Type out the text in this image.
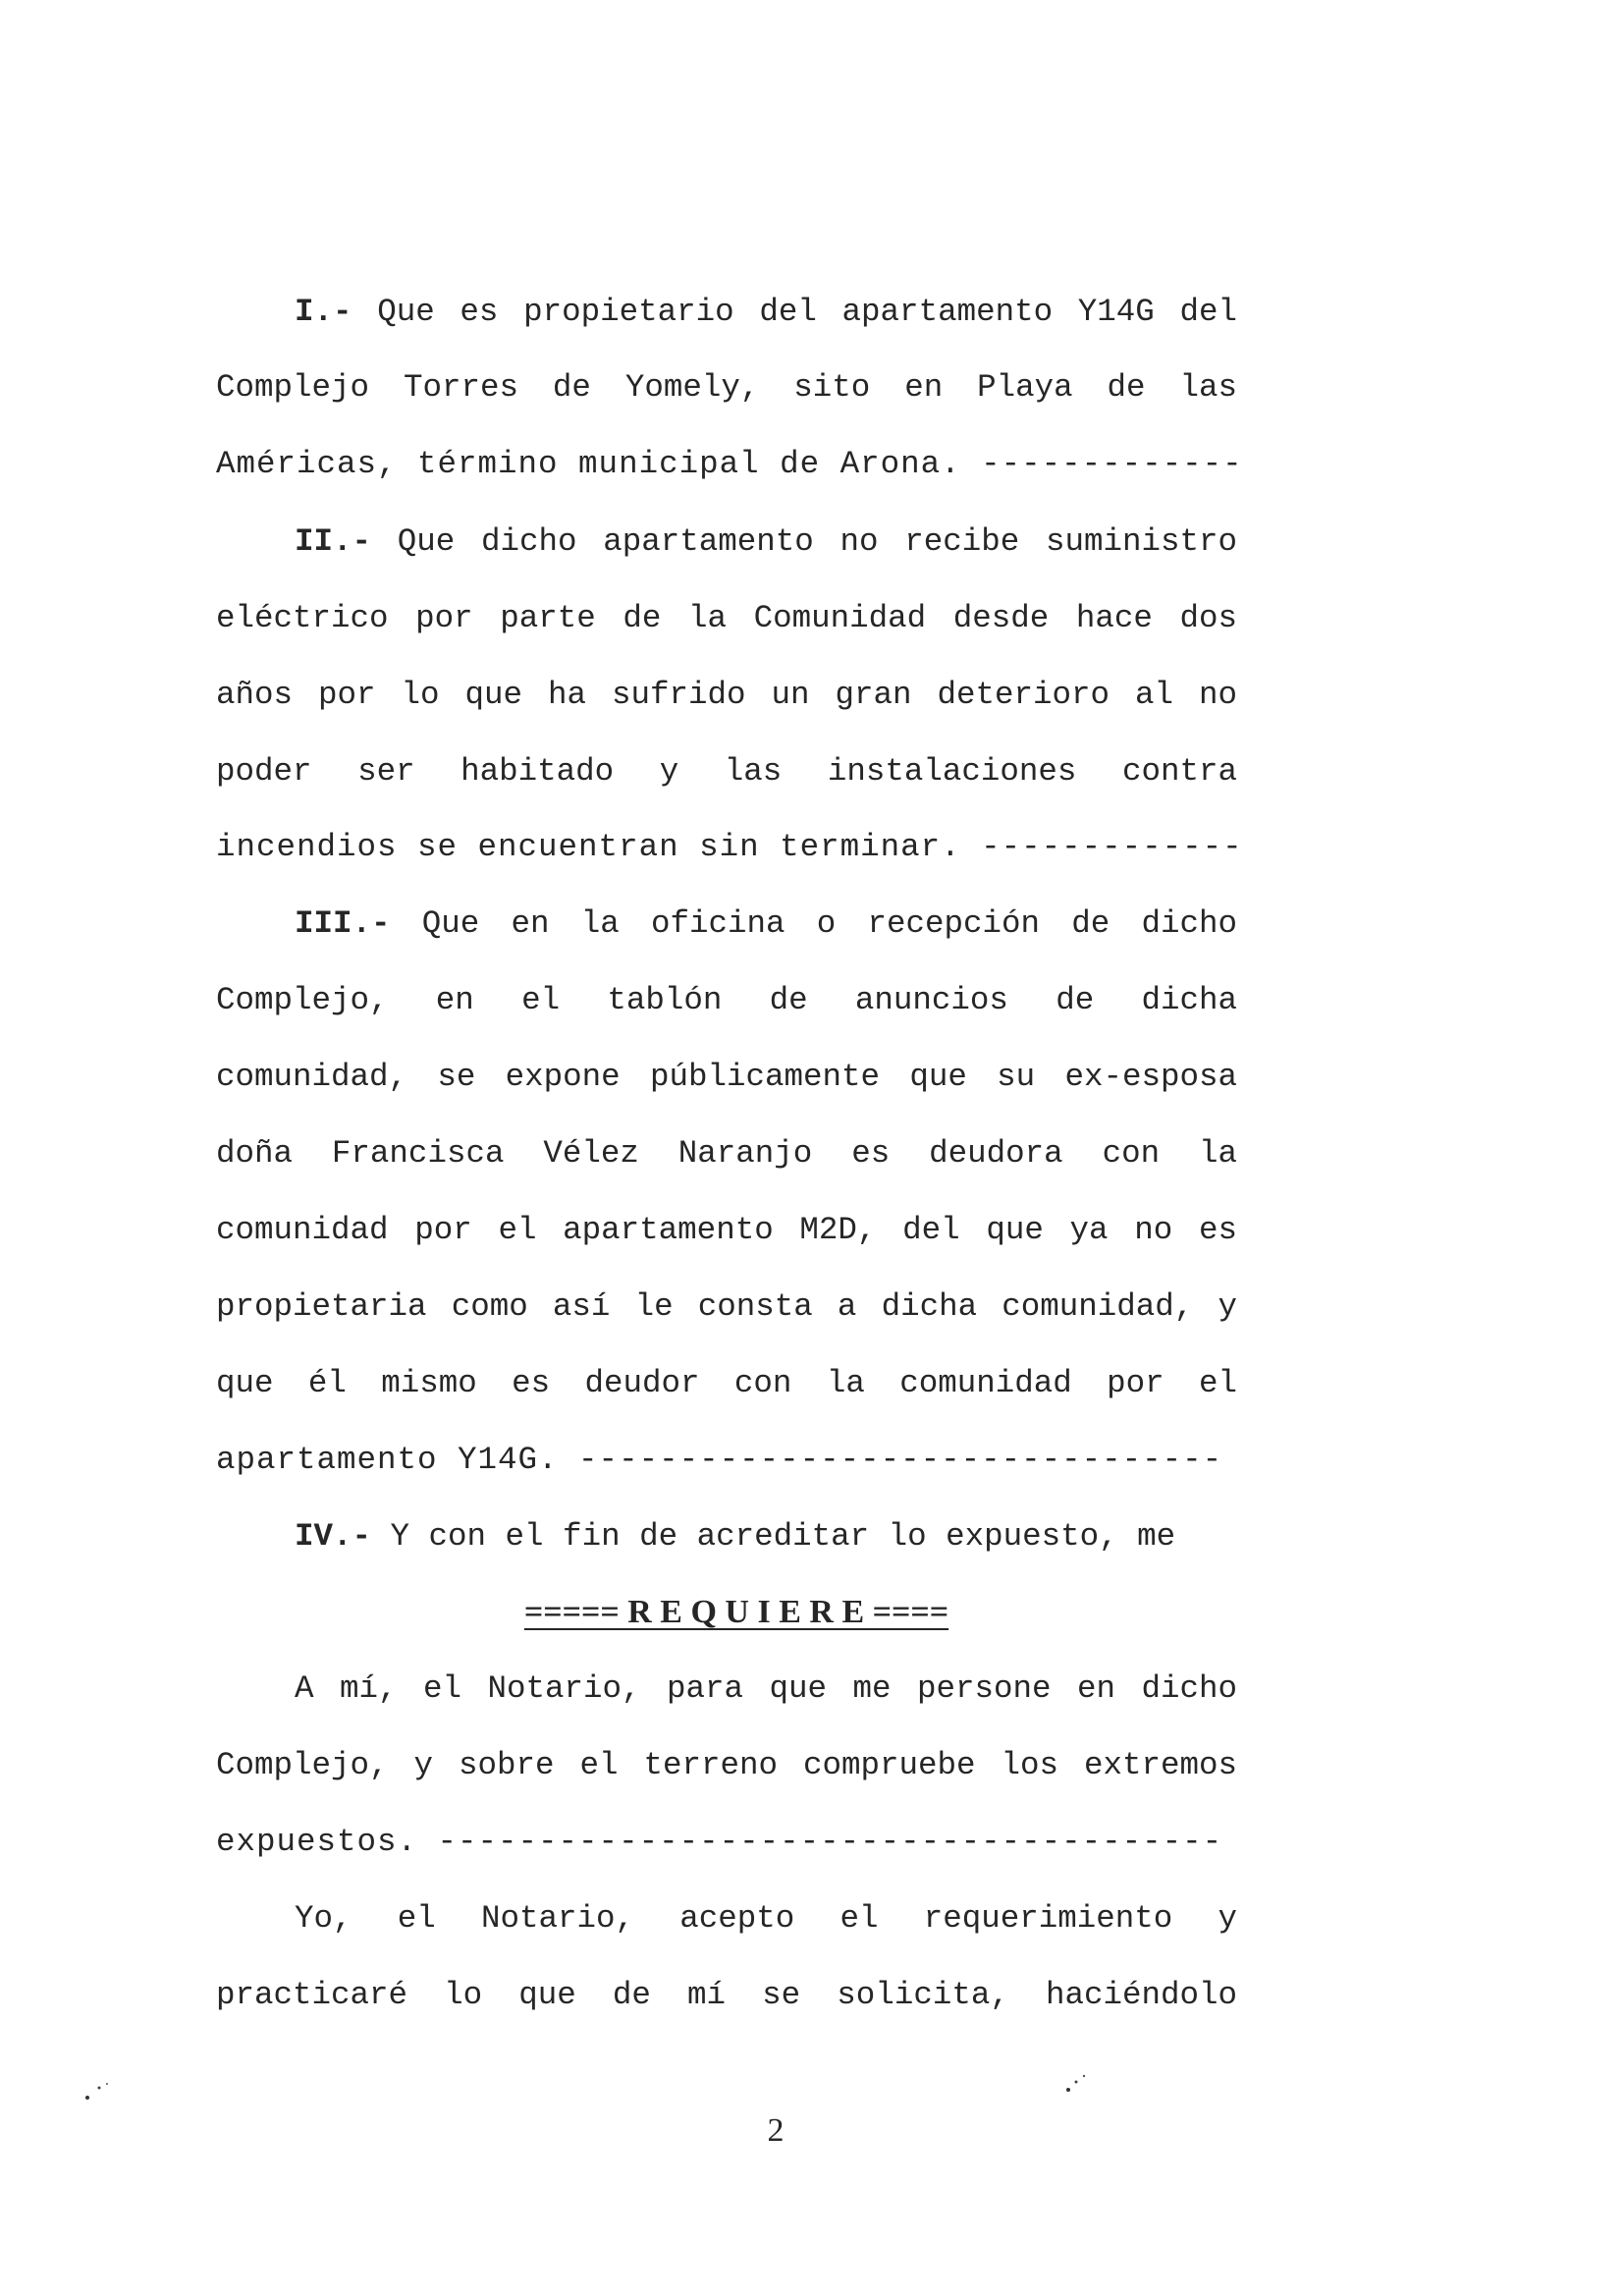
I.- Que es propietario del apartamento Y14G del
Complejo Torres de Yomely, sito en Playa de las
Américas, término municipal de Arona. -------------
II.- Que dicho apartamento no recibe suministro
eléctrico por parte de la Comunidad desde hace dos
años por lo que ha sufrido un gran deterioro al no
poder ser habitado y las instalaciones contra
incendios se encuentran sin terminar. -------------
III.- Que en la oficina o recepción de dicho
Complejo, en el tablón de anuncios de dicha
comunidad, se expone públicamente que su ex-esposa
doña Francisca Vélez Naranjo es deudora con la
comunidad por el apartamento M2D, del que ya no es
propietaria como así le consta a dicha comunidad, y
que él mismo es deudor con la comunidad por el
apartamento Y14G. --------------------------------
IV.- Y con el fin de acreditar lo expuesto, me
===== R E Q U I E R E ====
A mí, el Notario, para que me persone en dicho
Complejo, y sobre el terreno compruebe los extremos
expuestos. ---------------------------------------
Yo, el Notario, acepto el requerimiento y
practicaré lo que de mí se solicita, haciéndolo
2
